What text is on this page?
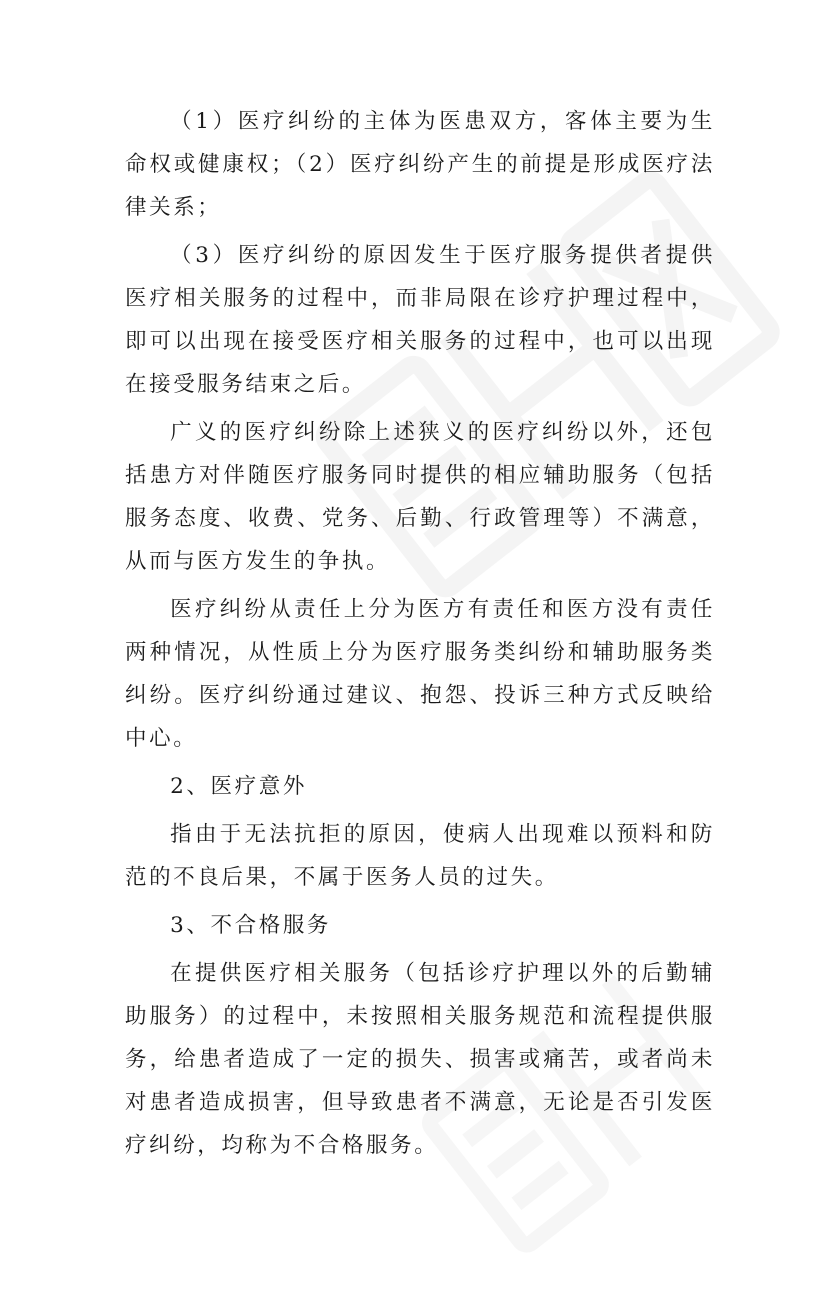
（1）医疗纠纷的主体为医患双方，客体主要为生命权或健康权；（2）医疗纠纷产生的前提是形成医疗法律关系；

（3）医疗纠纷的原因发生于医疗服务提供者提供医疗相关服务的过程中，而非局限在诊疗护理过程中，即可以出现在接受医疗相关服务的过程中，也可以出现在接受服务结束之后。

广义的医疗纠纷除上述狭义的医疗纠纷以外，还包括患方对伴随医疗服务同时提供的相应辅助服务（包括服务态度、收费、党务、后勤、行政管理等）不满意，从而与医方发生的争执。

医疗纠纷从责任上分为医方有责任和医方没有责任两种情况，从性质上分为医疗服务类纠纷和辅助服务类纠纷。医疗纠纷通过建议、抱怨、投诉三种方式反映给中心。

2、医疗意外

指由于无法抗拒的原因，使病人出现难以预料和防范的不良后果，不属于医务人员的过失。

3、不合格服务

在提供医疗相关服务（包括诊疗护理以外的后勤辅助服务）的过程中，未按照相关服务规范和流程提供服务，给患者造成了一定的损失、损害或痛苦，或者尚未对患者造成损害，但导致患者不满意，无论是否引发医疗纠纷，均称为不合格服务。
